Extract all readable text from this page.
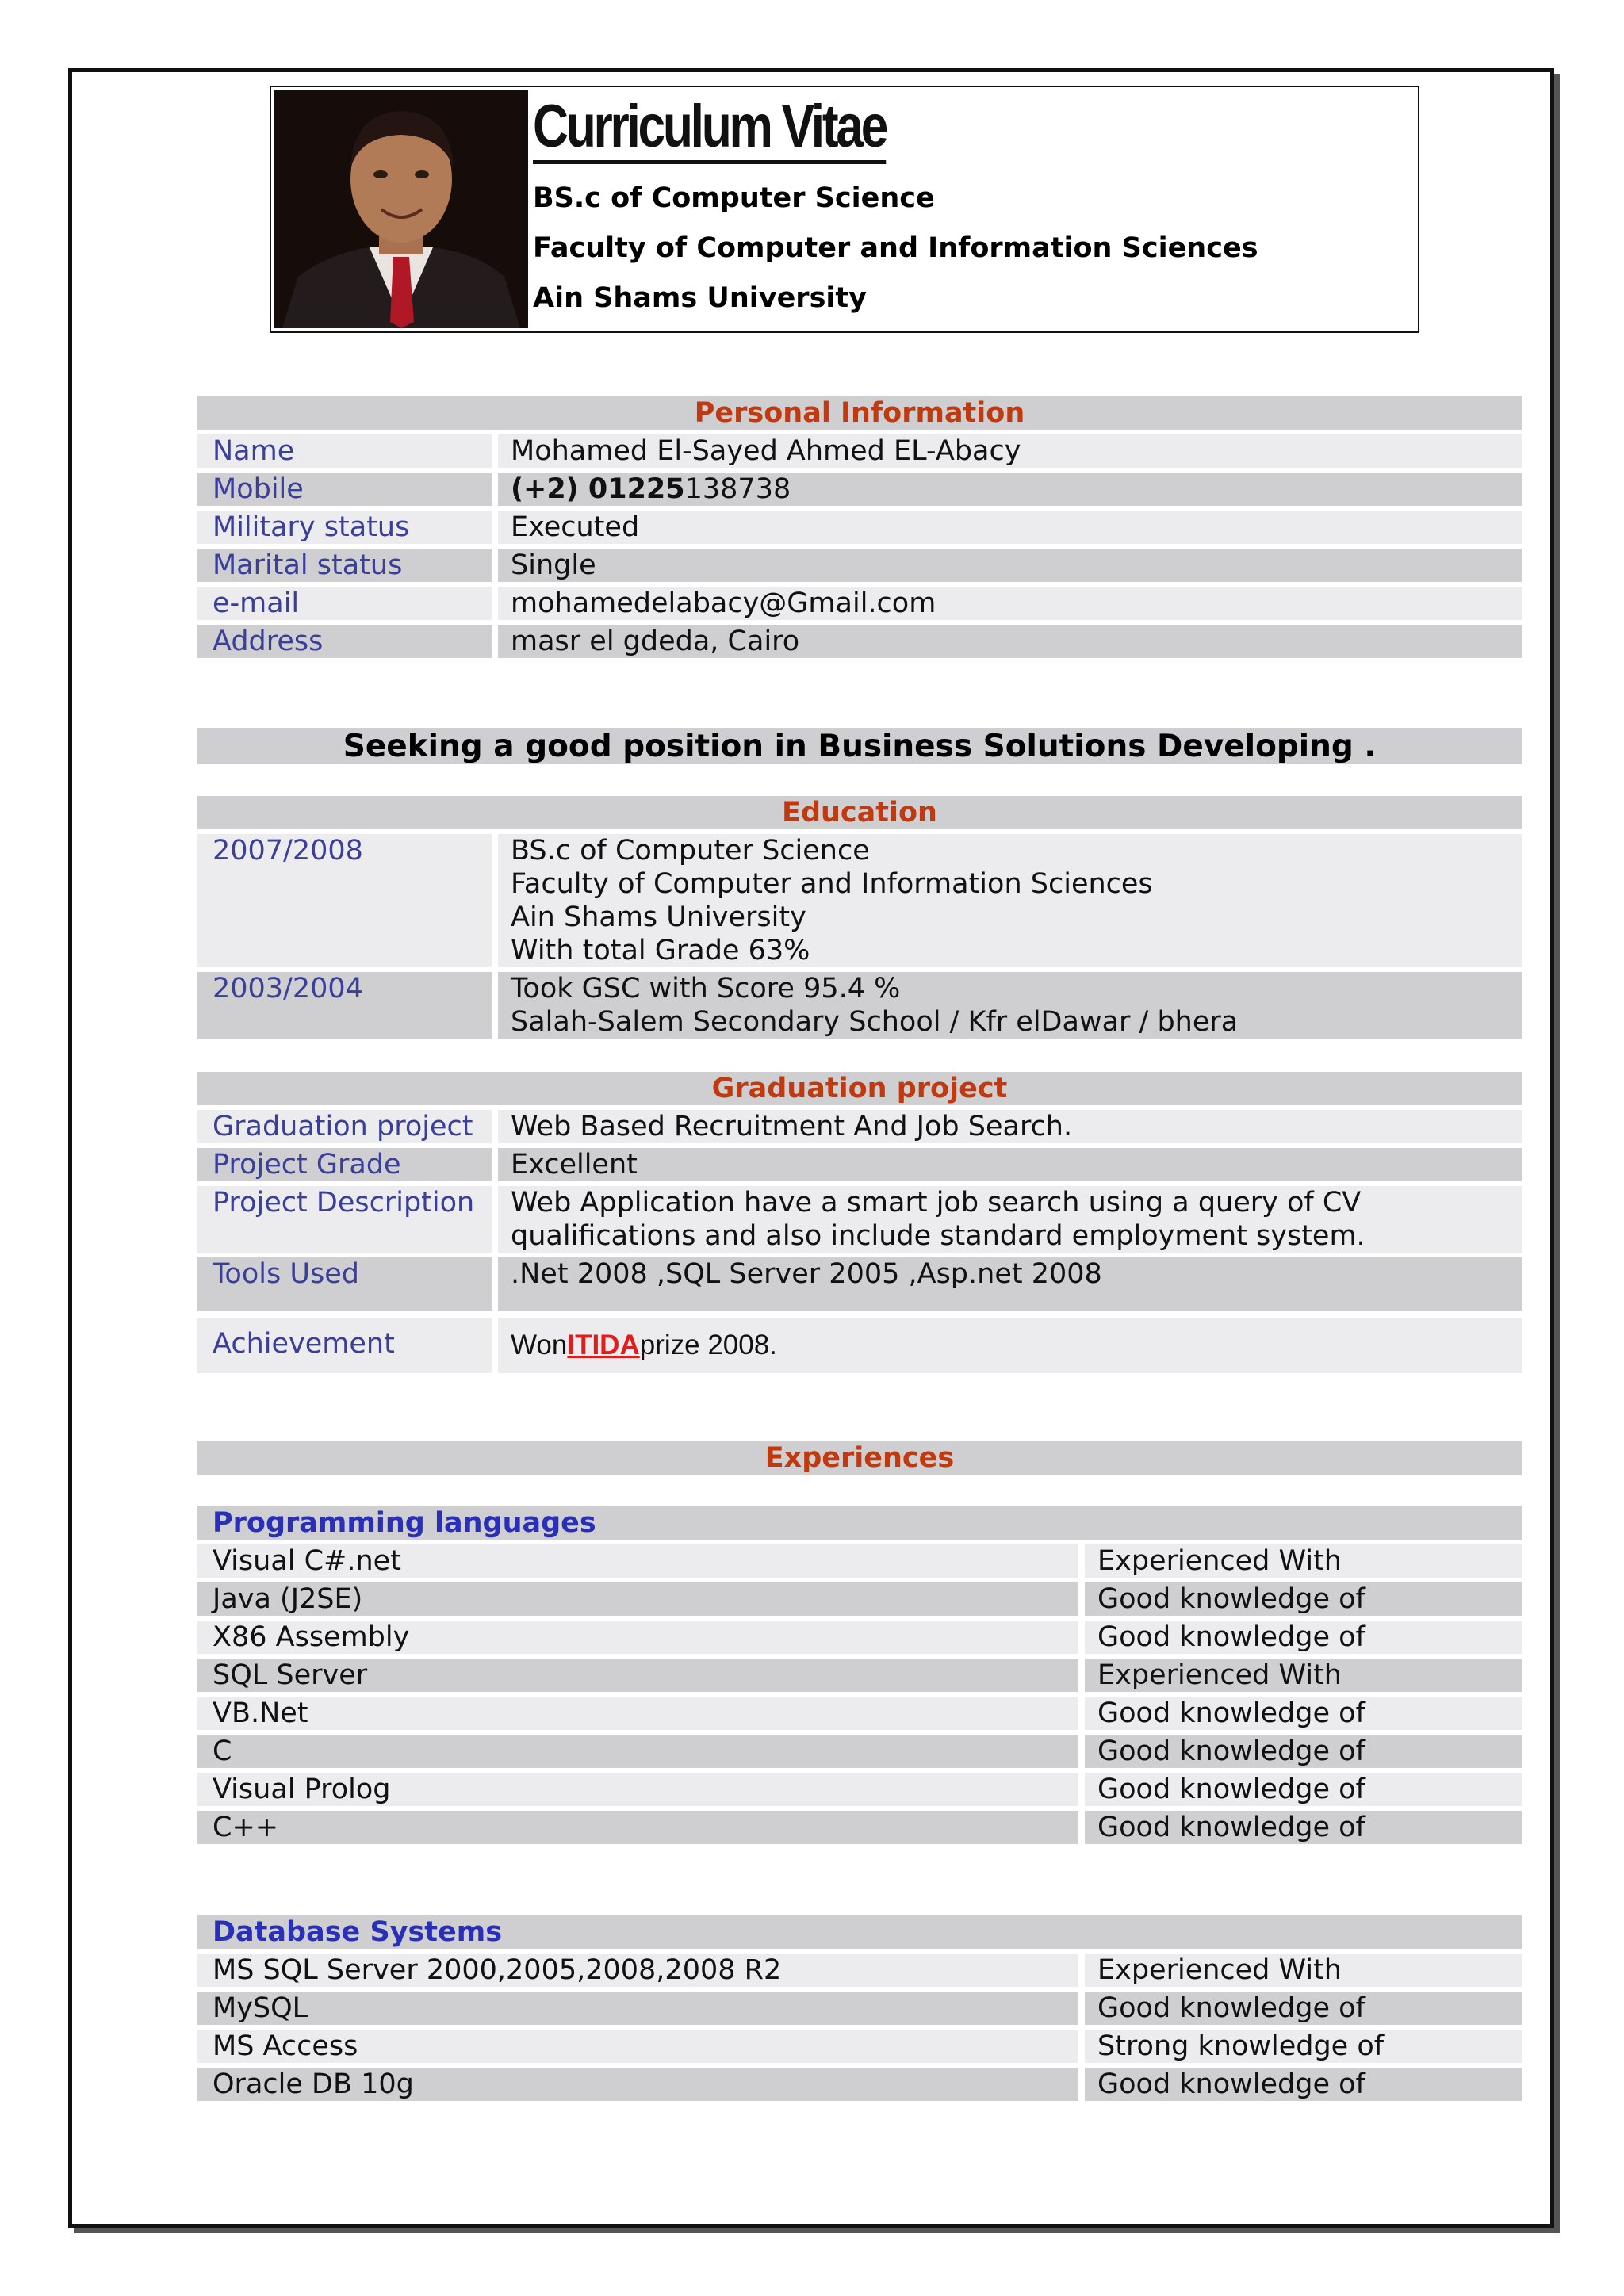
Curriculum Vitae
BS.c of Computer Science
Faculty of Computer and Information Sciences
Ain Shams University
Personal Information
Name	Mohamed El-Sayed Ahmed EL-Abacy
Mobile	(+2) 01225138738
Military status	Executed
Marital status	Single
e-mail	mohamedelabacy@Gmail.com
Address	masr el gdeda, Cairo
Seeking a good position in Business Solutions Developing .
Education
2007/2008	BS.c of Computer Science
Faculty of Computer and Information Sciences
Ain Shams University
With total Grade 63%
2003/2004	Took GSC with Score 95.4 %
Salah-Salem Secondary School / Kfr elDawar / bhera
Graduation project
Graduation project	Web Based Recruitment And Job Search.
Project Grade	Excellent
Project Description	Web Application have a smart job search using a query of CV
qualifications and also include standard employment system.
Tools Used	.Net 2008 ,SQL Server 2005 ,Asp.net 2008
Achievement	WonITIDAprize 2008.
Experiences
Programming languages
Visual C#.net	Experienced With
Java (J2SE)	Good knowledge of
X86 Assembly	Good knowledge of
SQL Server	Experienced With
VB.Net	Good knowledge of
C	Good knowledge of
Visual Prolog	Good knowledge of
C++	Good knowledge of
Database Systems
MS SQL Server 2000,2005,2008,2008 R2	Experienced With
MySQL	Good knowledge of
MS Access	Strong knowledge of
Oracle DB 10g	Good knowledge of
